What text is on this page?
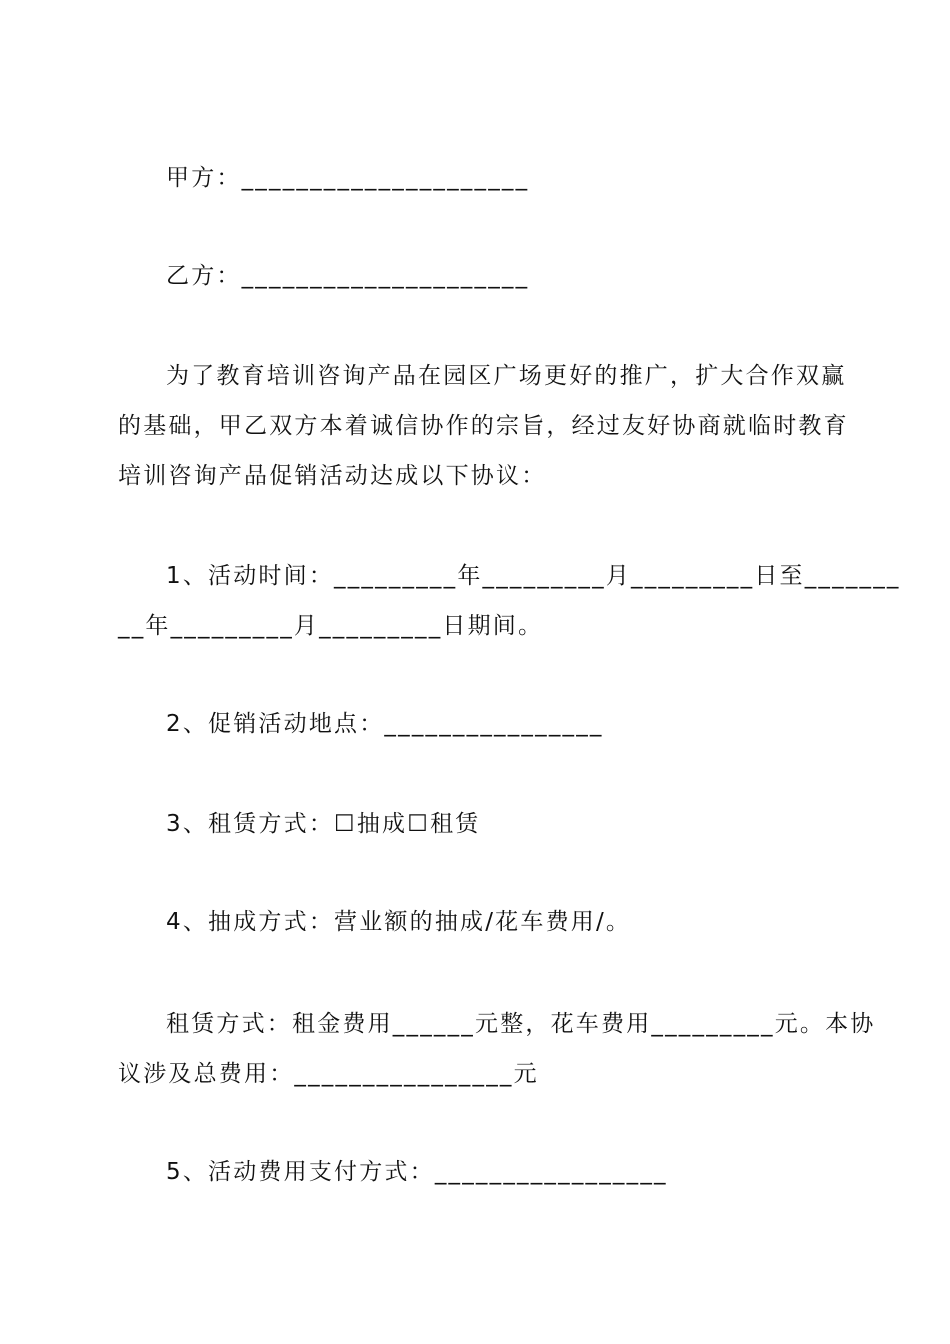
甲方：_____________________
乙方：_____________________
为了教育培训咨询产品在园区广场更好的推广，扩大合作双赢
的基础，甲乙双方本着诚信协作的宗旨，经过友好协商就临时教育
培训咨询产品促销活动达成以下协议：
1、活动时间：_________年_________月_________日至_______
__年_________月_________日期间。
2、促销活动地点：________________
3、租赁方式：☐抽成☐租赁
4、抽成方式：营业额的抽成/花车费用/。
租赁方式：租金费用______元整，花车费用_________元。本协
议涉及总费用：________________元
5、活动费用支付方式：_________________
